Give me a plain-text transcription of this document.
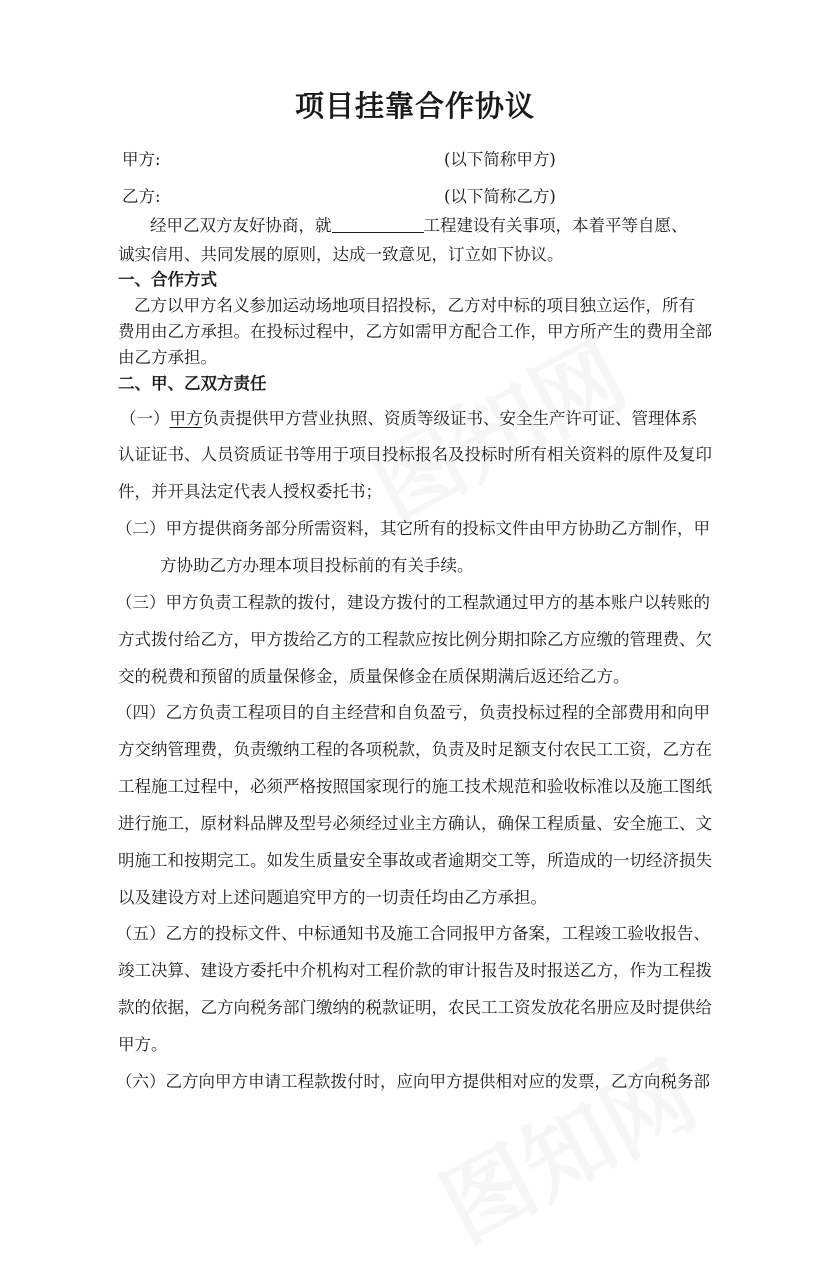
项目挂靠合作协议
甲方:	(以下简称甲方)
乙方:	(以下简称乙方)
经甲乙双方友好协商，就	工程建设有关事项，本着平等自愿、
诚实信用、共同发展的原则，达成一致意见，订立如下协议。
一、合作方式
乙方以甲方名义参加运动场地项目招投标，乙方对中标的项目独立运作，所有
费用由乙方承担。在投标过程中，乙方如需甲方配合工作，甲方所产生的费用全部
由乙方承担。
二、甲、乙双方责任
（一）甲方负责提供甲方营业执照、资质等级证书、安全生产许可证、管理体系
认证证书、人员资质证书等用于项目投标报名及投标时所有相关资料的原件及复印
件，并开具法定代表人授权委托书；
（二）甲方提供商务部分所需资料，其它所有的投标文件由甲方协助乙方制作，甲
方协助乙方办理本项目投标前的有关手续。
（三）甲方负责工程款的拨付，建设方拨付的工程款通过甲方的基本账户以转账的
方式拨付给乙方，甲方拨给乙方的工程款应按比例分期扣除乙方应缴的管理费、欠
交的税费和预留的质量保修金，质量保修金在质保期满后返还给乙方。
（四）乙方负责工程项目的自主经营和自负盈亏，负责投标过程的全部费用和向甲
方交纳管理费，负责缴纳工程的各项税款，负责及时足额支付农民工工资，乙方在
工程施工过程中，必须严格按照国家现行的施工技术规范和验收标准以及施工图纸
进行施工，原材料品牌及型号必须经过业主方确认，确保工程质量、安全施工、文
明施工和按期完工。如发生质量安全事故或者逾期交工等，所造成的一切经济损失
以及建设方对上述问题追究甲方的一切责任均由乙方承担。
（五）乙方的投标文件、中标通知书及施工合同报甲方备案，工程竣工验收报告、
竣工决算、建设方委托中介机构对工程价款的审计报告及时报送乙方，作为工程拨
款的依据，乙方向税务部门缴纳的税款证明，农民工工资发放花名册应及时提供给
甲方。
（六）乙方向甲方申请工程款拨付时，应向甲方提供相对应的发票，乙方向税务部
